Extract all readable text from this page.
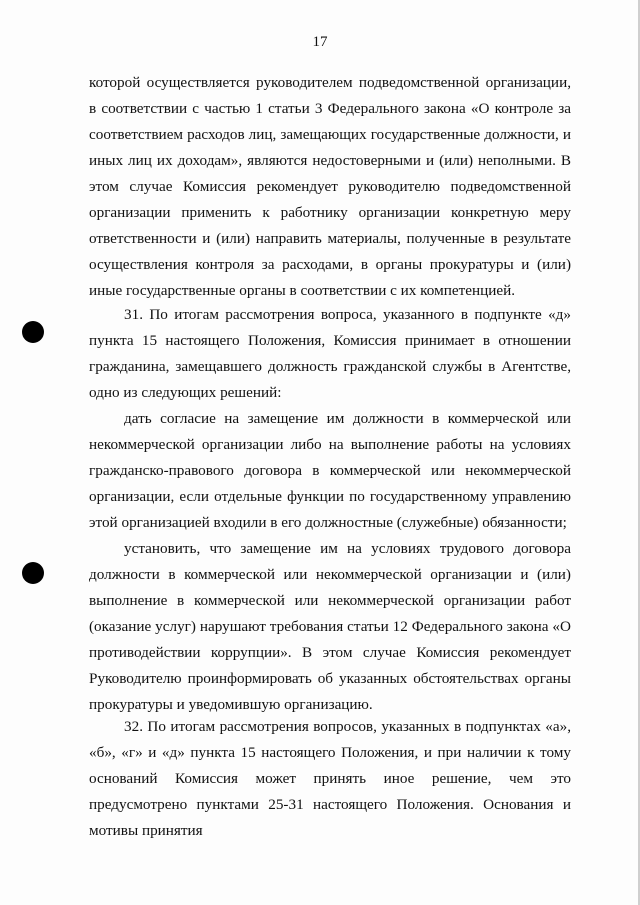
17

которой осуществляется руководителем подведомственной организации, в соответствии с частью 1 статьи 3 Федерального закона «О контроле за соответствием расходов лиц, замещающих государственные должности, и иных лиц их доходам», являются недостоверными и (или) неполными. В этом случае Комиссия рекомендует руководителю подведомственной организации применить к работнику организации конкретную меру ответственности и (или) направить материалы, полученные в результате осуществления контроля за расходами, в органы прокуратуры и (или) иные государственные органы в соответствии с их компетенцией.

31. По итогам рассмотрения вопроса, указанного в подпункте «д» пункта 15 настоящего Положения, Комиссия принимает в отношении гражданина, замещавшего должность гражданской службы в Агентстве, одно из следующих решений:

дать согласие на замещение им должности в коммерческой или некоммерческой организации либо на выполнение работы на условиях гражданско-правового договора в коммерческой или некоммерческой организации, если отдельные функции по государственному управлению этой организацией входили в его должностные (служебные) обязанности;

установить, что замещение им на условиях трудового договора должности в коммерческой или некоммерческой организации и (или) выполнение в коммерческой или некоммерческой организации работ (оказание услуг) нарушают требования статьи 12 Федерального закона «О противодействии коррупции». В этом случае Комиссия рекомендует Руководителю проинформировать об указанных обстоятельствах органы прокуратуры и уведомившую организацию.

32. По итогам рассмотрения вопросов, указанных в подпунктах «а», «б», «г» и «д» пункта 15 настоящего Положения, и при наличии к тому оснований Комиссия может принять иное решение, чем это предусмотрено пунктами 25-31 настоящего Положения. Основания и мотивы принятия
